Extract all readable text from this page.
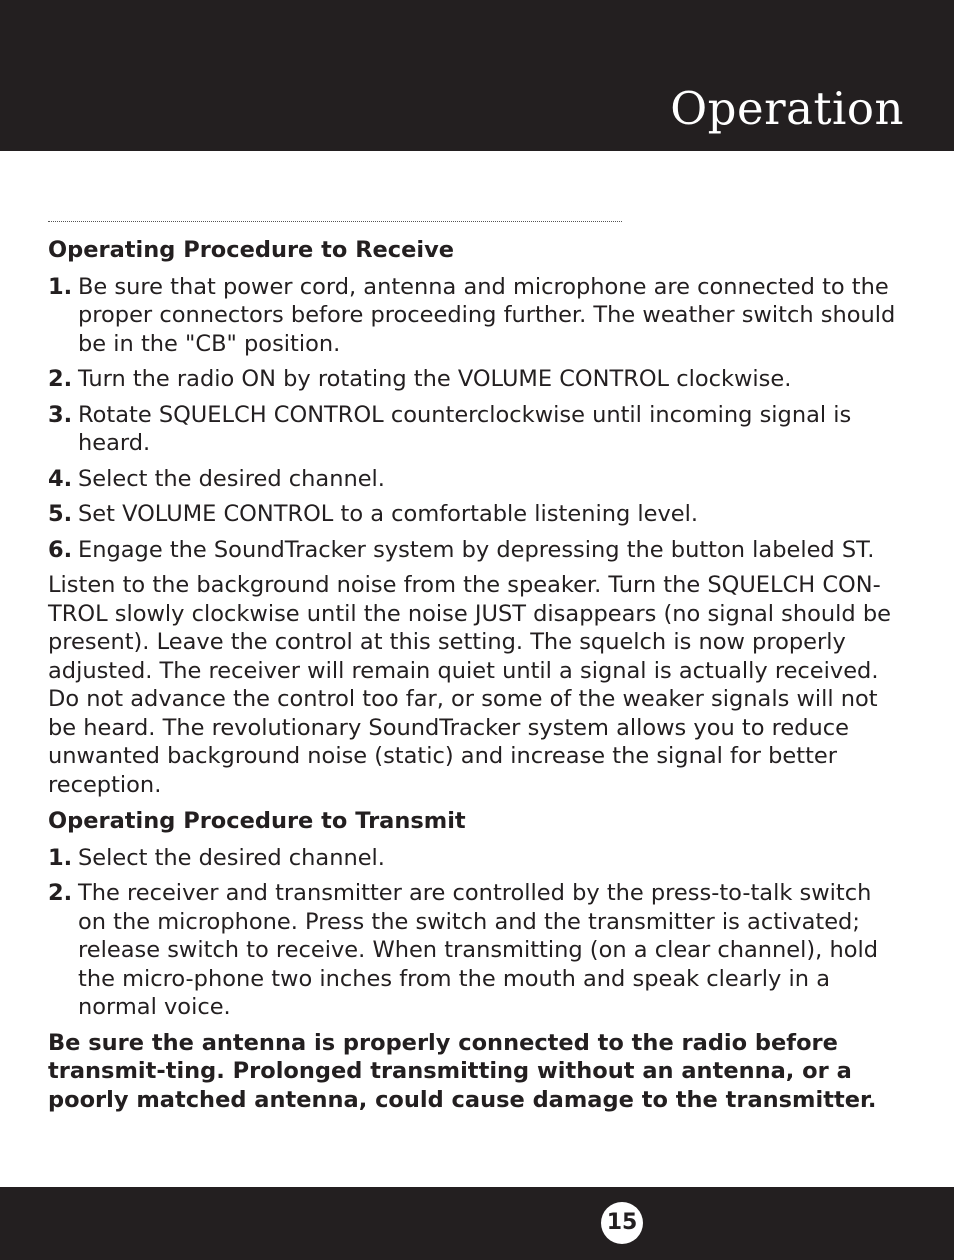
Operation

Operating Procedure to Receive

1. Be sure that power cord, antenna and microphone are connected to the proper connectors before proceeding further. The weather switch should be in the "CB" position.
2. Turn the radio ON by rotating the VOLUME CONTROL clockwise.
3. Rotate SQUELCH CONTROL counterclockwise until incoming signal is heard.
4. Select the desired channel.
5. Set VOLUME CONTROL to a comfortable listening level.
6. Engage the SoundTracker system by depressing the button labeled ST.

Listen to the background noise from the speaker. Turn the SQUELCH CON-TROL slowly clockwise until the noise JUST disappears (no signal should be present). Leave the control at this setting. The squelch is now properly adjusted. The receiver will remain quiet until a signal is actually received. Do not advance the control too far, or some of the weaker signals will not be heard. The revolutionary SoundTracker system allows you to reduce unwanted background noise (static) and increase the signal for better reception.

Operating Procedure to Transmit

1. Select the desired channel.
2. The receiver and transmitter are controlled by the press-to-talk switch on the microphone. Press the switch and the transmitter is activated; release switch to receive. When transmitting (on a clear channel), hold the micro-phone two inches from the mouth and speak clearly in a normal voice.

Be sure the antenna is properly connected to the radio before transmit-ting. Prolonged transmitting without an antenna, or a poorly matched antenna, could cause damage to the transmitter.

15
